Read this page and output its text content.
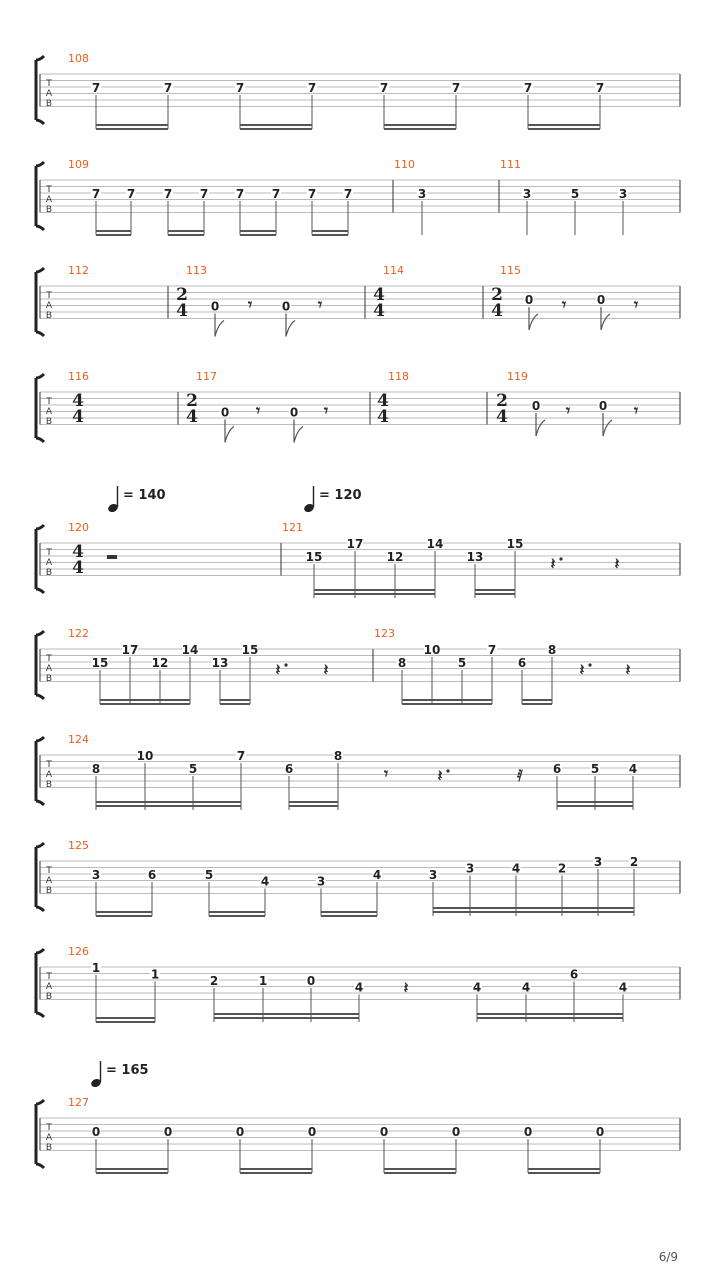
= 140	= 120
= 165
T
A
B
108
7	7	7	7	7	7	7	7
T
A
B
109	110	111
7 7 7 7 7 7 7 7	3	3	5	3
T
A
B
112	113	114	115
2
4
4
4
2
4
0	0	0	0
𝄾	𝄾	𝄾	𝄾
T
A
B
116	117	118	119
4
4
2
4
4
4
2
4
0	0	0	0
𝄾	𝄾	𝄾	𝄾
T
A
B
120	121
4
4
15
17
12
14
13
15
𝄽	𝄽
T
A
B
122	123
15
17
12
14
13
15
8
10
5
7
6
8
𝄽	𝄽	𝄽	𝄽
T
A
B
124
8
10
5
7
6
8
6 5 4
𝄾	𝄽	𝅀
T
A
B
125
3	6	5	4	3	4	3 3	4	2 3 2
T
A
B
126
1	1	2	1	0	4	4	4
6
4
𝄽
T
A
B
127
0	0	0	0	0	0	0	0
6/9
